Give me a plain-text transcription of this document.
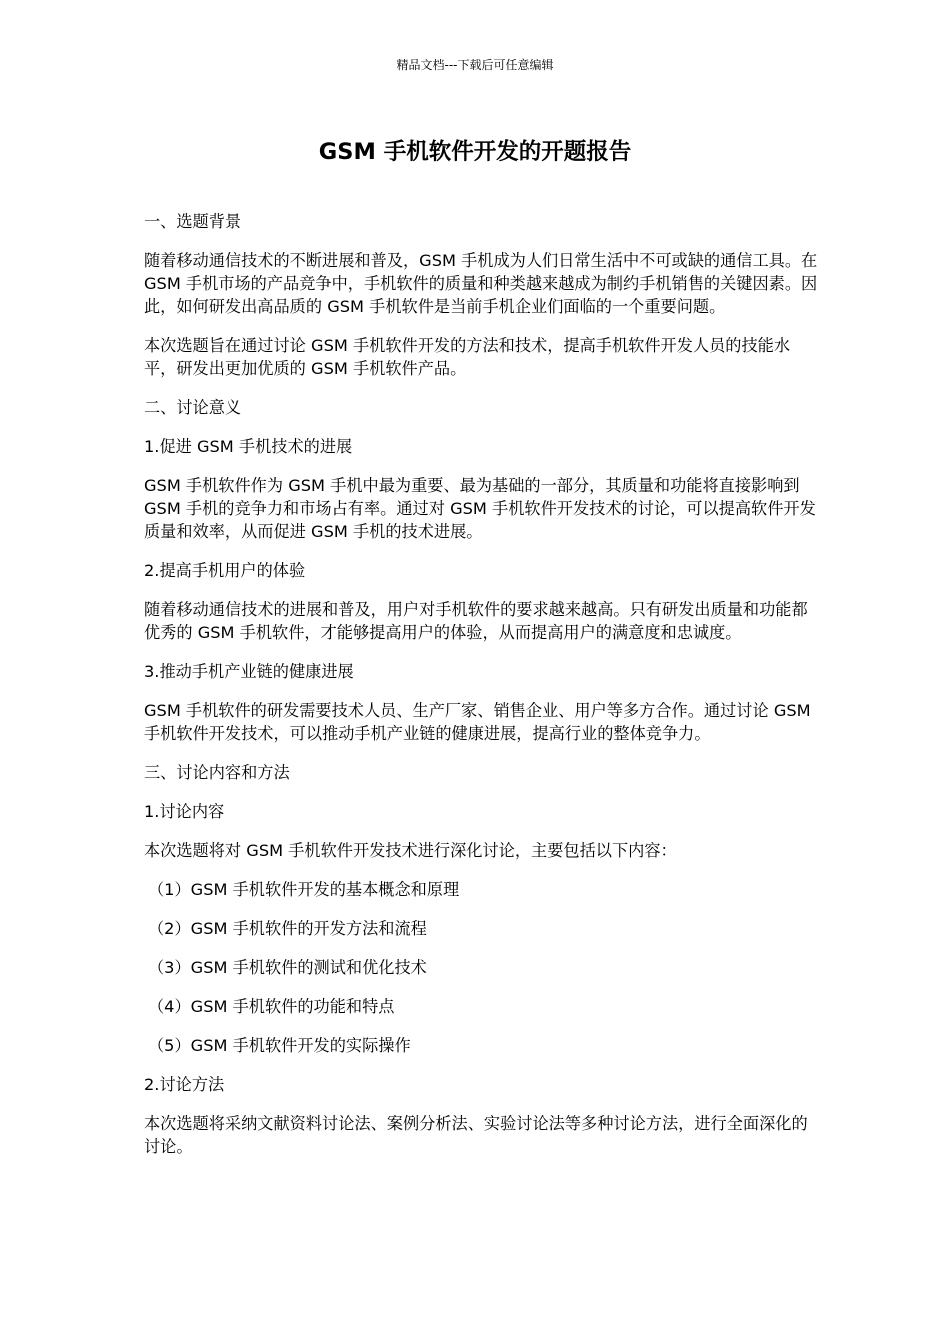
精品文档---下载后可任意编辑
GSM 手机软件开发的开题报告

一、选题背景

随着移动通信技术的不断进展和普及，GSM 手机成为人们日常生活中不可或缺的通信工具。在 GSM 手机市场的产品竞争中，手机软件的质量和种类越来越成为制约手机销售的关键因素。因此，如何研发出高品质的 GSM 手机软件是当前手机企业们面临的一个重要问题。

本次选题旨在通过讨论 GSM 手机软件开发的方法和技术，提高手机软件开发人员的技能水平，研发出更加优质的 GSM 手机软件产品。

二、讨论意义

1.促进 GSM 手机技术的进展

GSM 手机软件作为 GSM 手机中最为重要、最为基础的一部分，其质量和功能将直接影响到 GSM 手机的竞争力和市场占有率。通过对 GSM 手机软件开发技术的讨论，可以提高软件开发质量和效率，从而促进 GSM 手机的技术进展。

2.提高手机用户的体验

随着移动通信技术的进展和普及，用户对手机软件的要求越来越高。只有研发出质量和功能都优秀的 GSM 手机软件，才能够提高用户的体验，从而提高用户的满意度和忠诚度。

3.推动手机产业链的健康进展

GSM 手机软件的研发需要技术人员、生产厂家、销售企业、用户等多方合作。通过讨论 GSM 手机软件开发技术，可以推动手机产业链的健康进展，提高行业的整体竞争力。

三、讨论内容和方法

1.讨论内容

本次选题将对 GSM 手机软件开发技术进行深化讨论，主要包括以下内容：

（1）GSM 手机软件开发的基本概念和原理

（2）GSM 手机软件的开发方法和流程

（3）GSM 手机软件的测试和优化技术

（4）GSM 手机软件的功能和特点

（5）GSM 手机软件开发的实际操作

2.讨论方法

本次选题将采纳文献资料讨论法、案例分析法、实验讨论法等多种讨论方法，进行全面深化的讨论。
